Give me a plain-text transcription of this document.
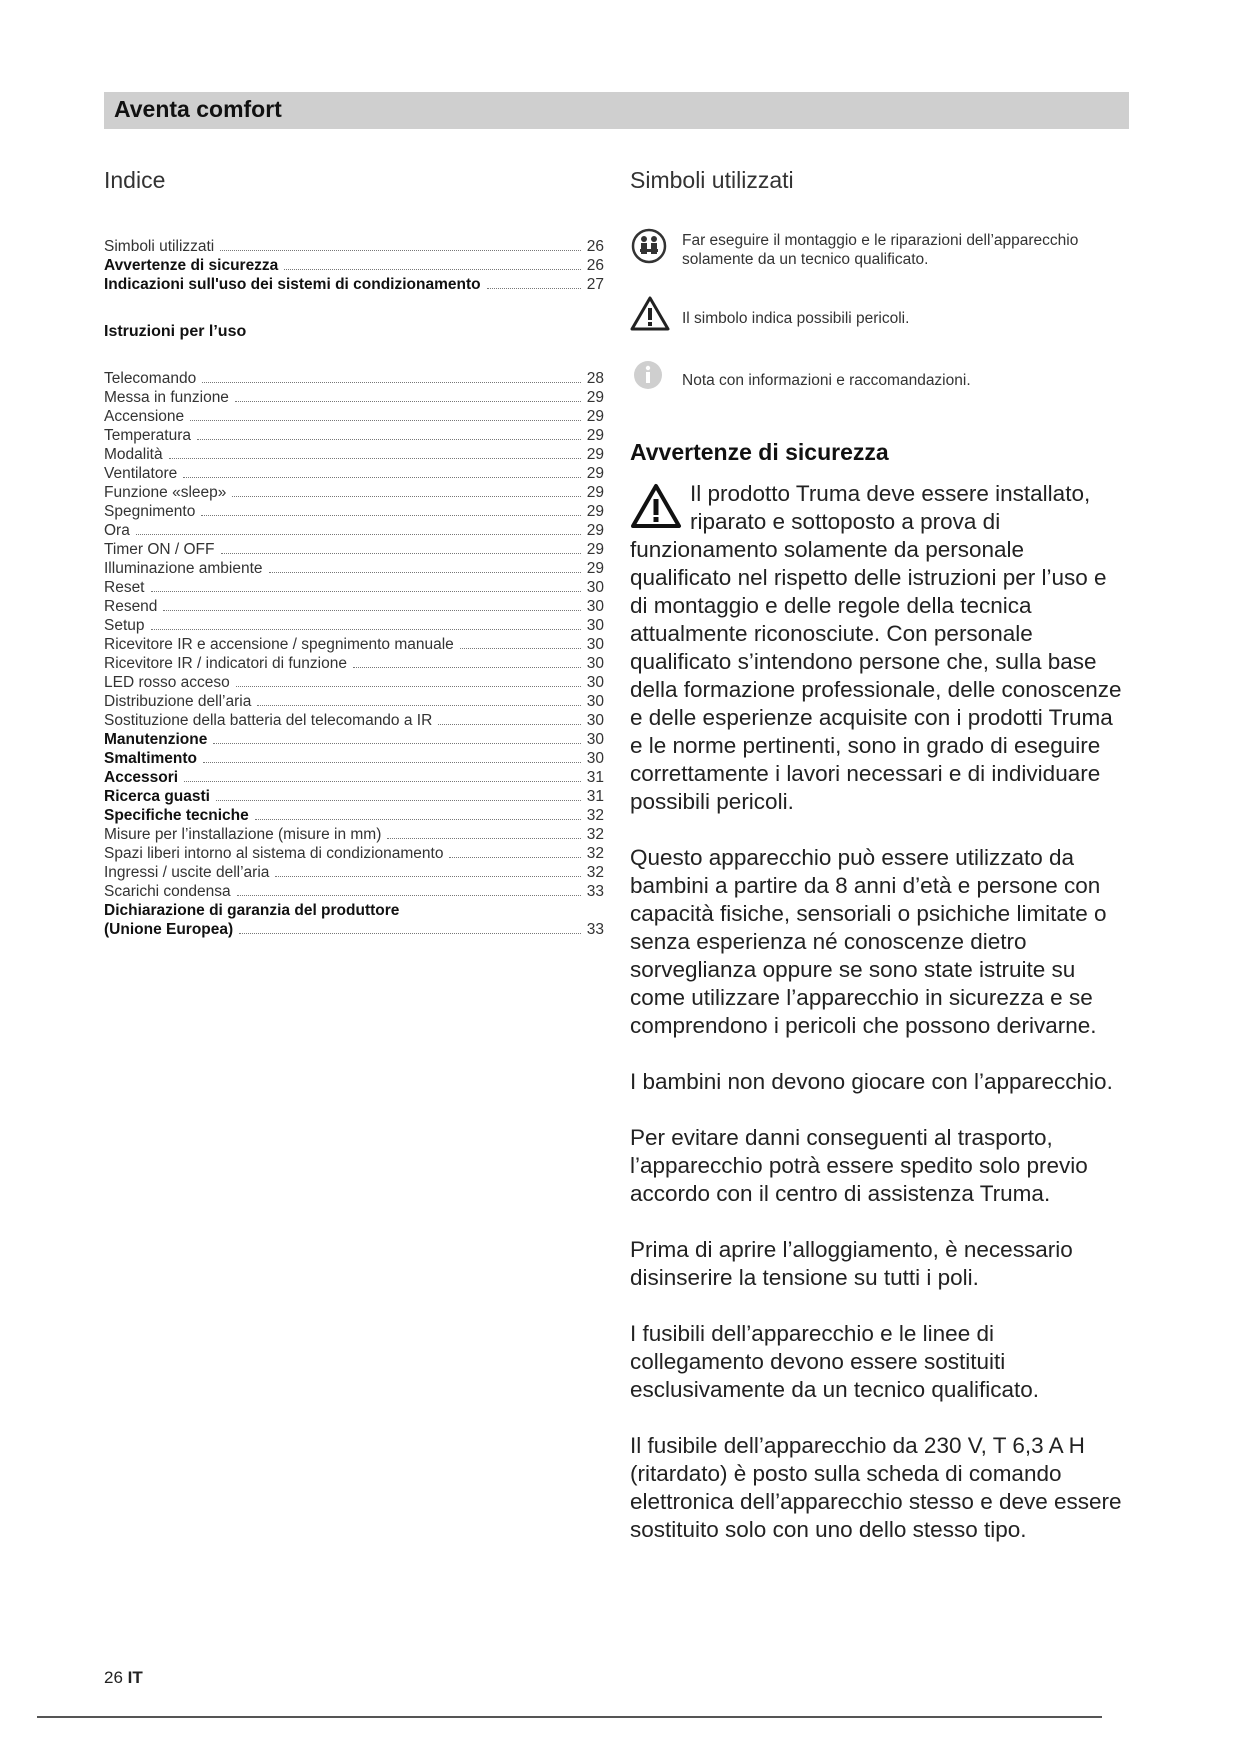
Aventa comfort
Indice
Simboli utilizzati	26
Avvertenze di sicurezza	26
Indicazioni sull'uso dei sistemi di condizionamento	27
Istruzioni per l’uso
Telecomando	28
Messa in funzione	29
Accensione	29
Temperatura	29
Modalità	29
Ventilatore	29
Funzione «sleep»	29
Spegnimento	29
Ora	29
Timer ON / OFF	29
Illuminazione ambiente	29
Reset	30
Resend	30
Setup	30
Ricevitore IR e accensione / spegnimento manuale	30
Ricevitore IR / indicatori di funzione	30
LED rosso acceso	30
Distribuzione dell’aria	30
Sostituzione della batteria del telecomando a IR	30
Manutenzione	30
Smaltimento	30
Accessori	31
Ricerca guasti	31
Specifiche tecniche	32
Misure per l’installazione (misure in mm)	32
Spazi liberi intorno al sistema di condizionamento	32
Ingressi / uscite dell’aria	32
Scarichi condensa	33
Dichiarazione di garanzia del produttore
(Unione Europea)	33
Simboli utilizzati
Far eseguire il montaggio e le riparazioni dell’apparecchio solamente da un tecnico qualificato.
Il simbolo indica possibili pericoli.
Nota con informazioni e raccomandazioni.
Avvertenze di sicurezza

Il prodotto Truma deve essere installato, riparato e sottoposto a prova di funzionamento solamente da personale qualificato nel rispetto delle istruzioni per l’uso e di montaggio e delle regole della tecnica attualmente riconosciute. Con personale qualificato s’intendono persone che, sulla base della formazione professionale, delle conoscenze e delle esperienze acquisite con i prodotti Truma e le norme pertinenti, sono in grado di eseguire correttamente i lavori necessari e di individuare possibili pericoli.

Questo apparecchio può essere utilizzato da bambini a partire da 8 anni d’età e persone con capacità fisiche, sensoriali o psichiche limitate o senza esperienza né conoscenze dietro sorveglianza oppure se sono state istruite su come utilizzare l’apparecchio in sicurezza e se comprendono i pericoli che possono derivarne.

I bambini non devono giocare con l’apparecchio.

Per evitare danni conseguenti al trasporto, l’apparecchio potrà essere spedito solo previo accordo con il centro di assistenza Truma.

Prima di aprire l’alloggiamento, è necessario disinserire la tensione su tutti i poli.

I fusibili dell’apparecchio e le linee di collegamento devono essere sostituiti esclusivamente da un tecnico qualificato.

Il fusibile dell’apparecchio da 230 V, T 6,3 A H (ritardato) è posto sulla scheda di comando elettronica dell’apparecchio stesso e deve essere sostituito solo con uno dello stesso tipo.

26 IT
